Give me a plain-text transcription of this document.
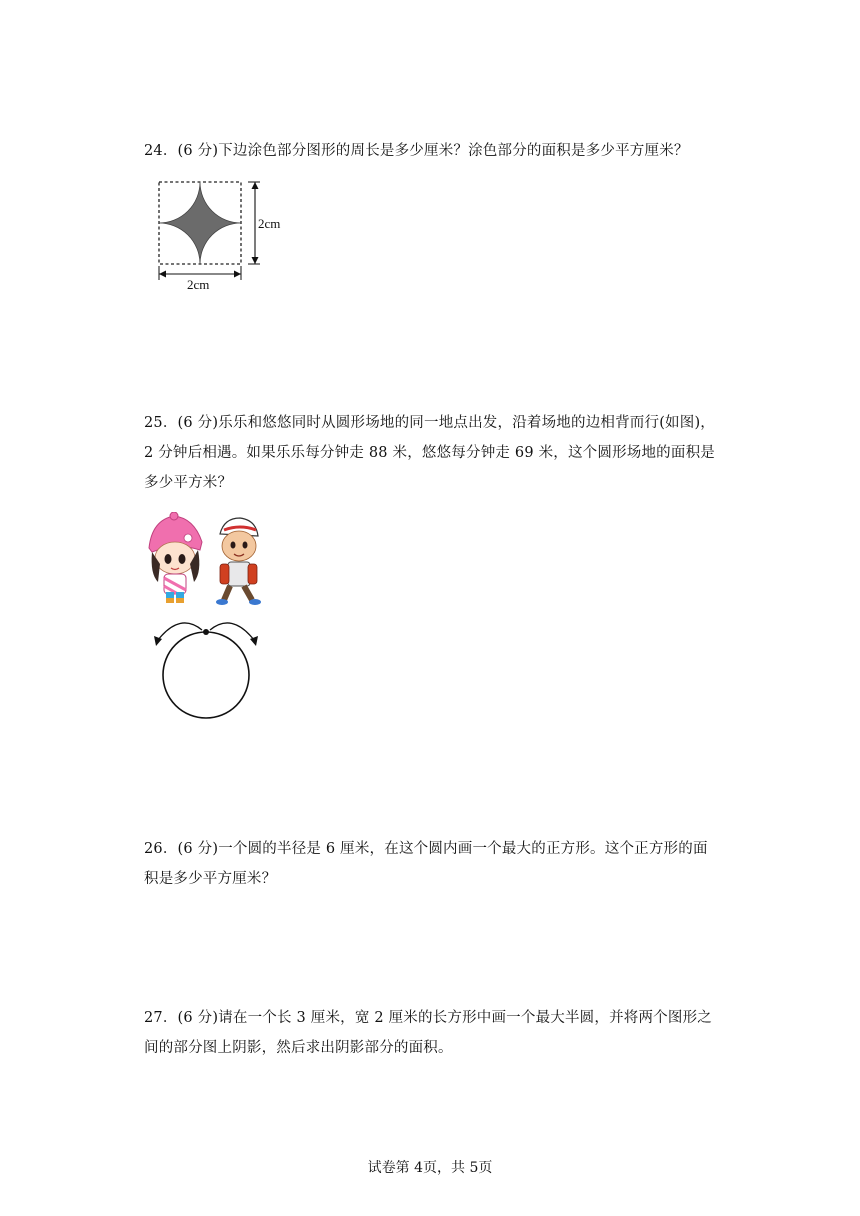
24．(6 分)下边涂色部分图形的周长是多少厘米？涂色部分的面积是多少平方厘米？
2cm
2cm
25．(6 分)乐乐和悠悠同时从圆形场地的同一地点出发，沿着场地的边相背而行(如图)，
2 分钟后相遇。如果乐乐每分钟走 88 米，悠悠每分钟走 69 米，这个圆形场地的面积是
多少平方米？
26．(6 分)一个圆的半径是 6 厘米，在这个圆内画一个最大的正方形。这个正方形的面
积是多少平方厘米？
27．(6 分)请在一个长 3 厘米，宽 2 厘米的长方形中画一个最大半圆，并将两个图形之
间的部分图上阴影，然后求出阴影部分的面积。
试卷第 4页，共 5页
